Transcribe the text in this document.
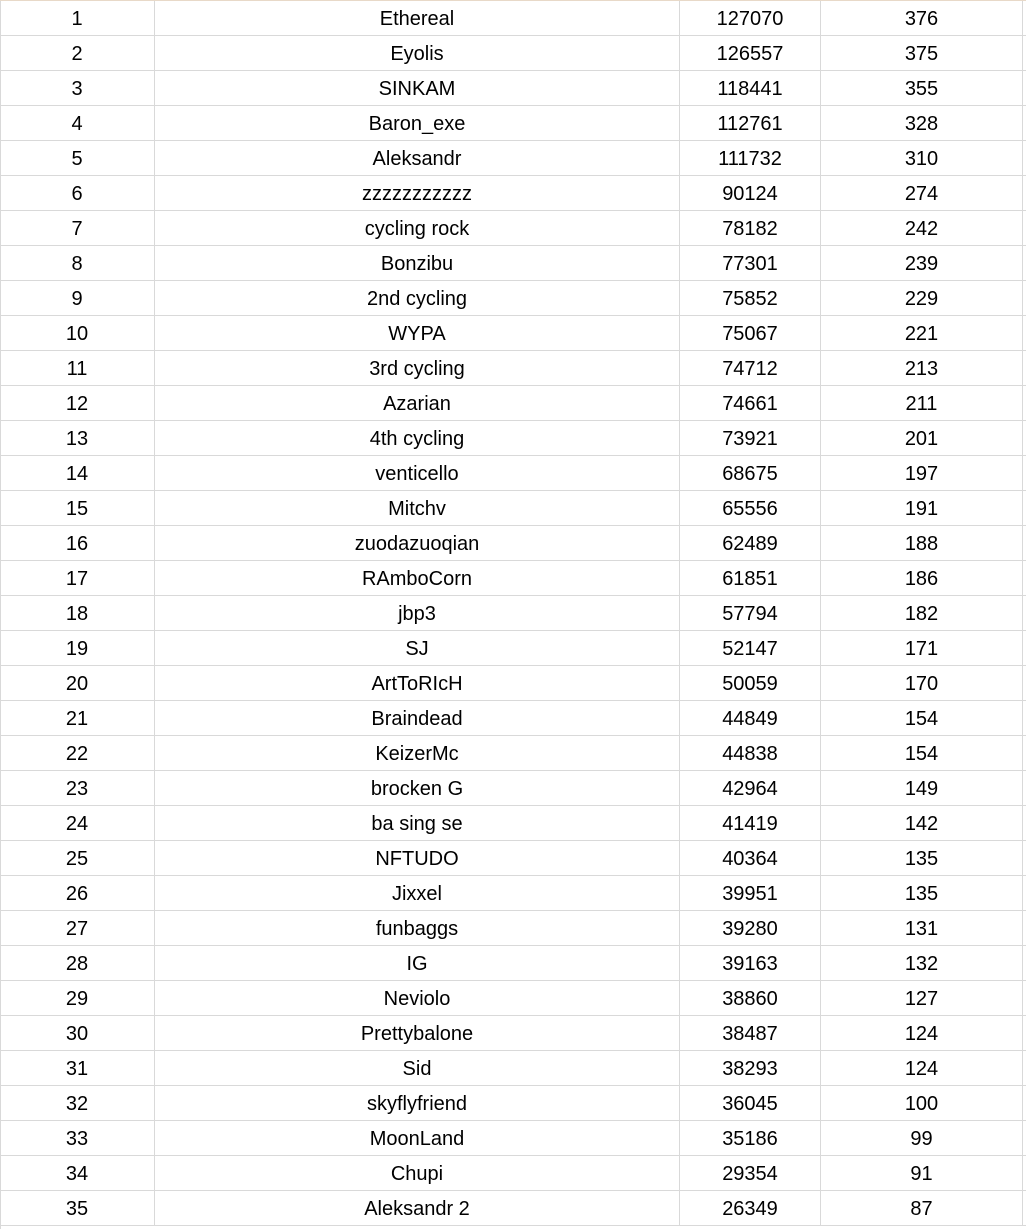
1	Ethereal	127070	376
2	Eyolis	126557	375
3	SINKAM	118441	355
4	Baron_exe	112761	328
5	Aleksandr	111732	310
6	zzzzzzzzzzz	90124	274
7	cycling rock	78182	242
8	Bonzibu	77301	239
9	2nd cycling	75852	229
10	WYPA	75067	221
11	3rd cycling	74712	213
12	Azarian	74661	211
13	4th cycling	73921	201
14	venticello	68675	197
15	Mitchv	65556	191
16	zuodazuoqian	62489	188
17	RAmboCorn	61851	186
18	jbp3	57794	182
19	SJ	52147	171
20	ArtToRIcH	50059	170
21	Braindead	44849	154
22	KeizerMc	44838	154
23	brocken G	42964	149
24	ba sing se	41419	142
25	NFTUDO	40364	135
26	Jixxel	39951	135
27	funbaggs	39280	131
28	IG	39163	132
29	Neviolo	38860	127
30	Prettybalone	38487	124
31	Sid	38293	124
32	skyflyfriend	36045	100
33	MoonLand	35186	99
34	Chupi	29354	91
35	Aleksandr 2	26349	87
